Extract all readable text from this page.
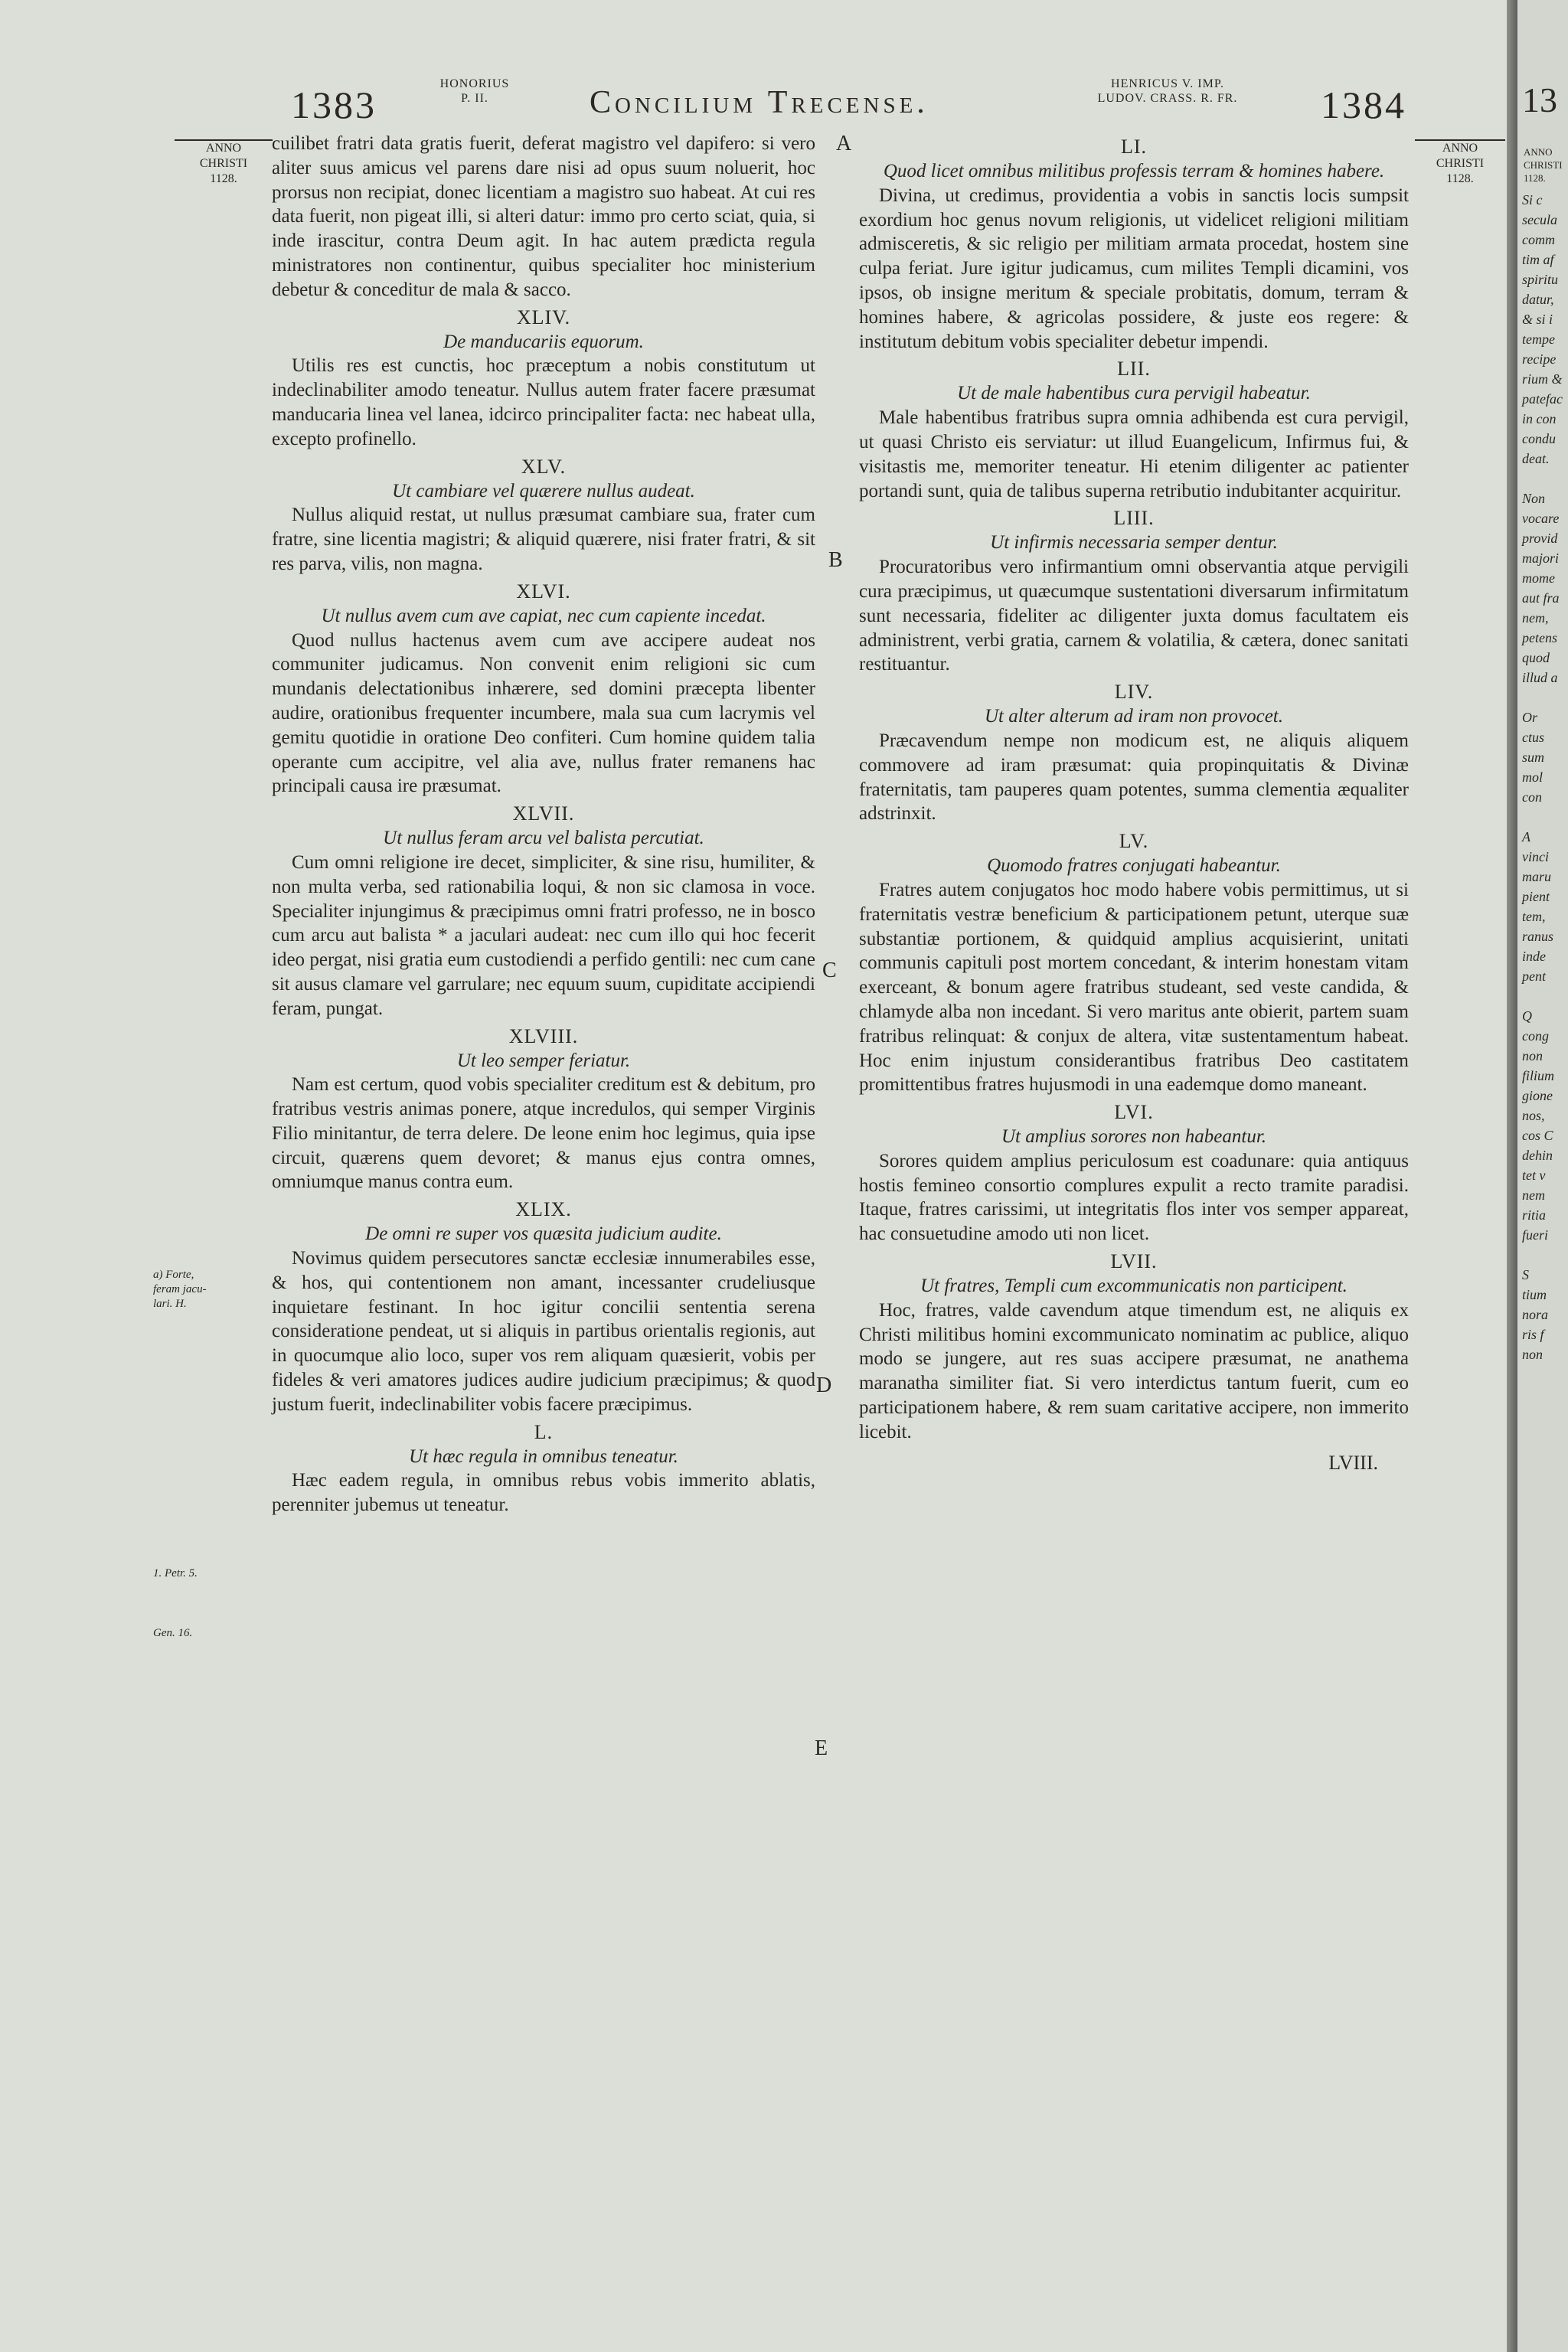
1383	HONORIUS
P. II.	Concilium Trecense.
HENRICUS V. IMP.
LUDOV. CRASS. R. FR.	1384
ANNO
CHRISTI
1128.
ANNO
CHRISTI
1128.
A
B
C
D
E
a) Forte,
feram jacu-
lari. H.
1. Petr. 5.
Gen. 16.

cuilibet fratri data gratis fuerit, deferat magistro vel dapifero: si vero aliter suus amicus vel parens dare nisi ad opus suum noluerit, hoc prorsus non recipiat, donec licentiam a magistro suo habeat. At cui res data fuerit, non pigeat illi, si alteri datur: immo pro certo sciat, quia, si inde irascitur, contra Deum agit. In hac autem prædicta regula ministratores non continentur, quibus specialiter hoc ministerium debetur & conceditur de mala & sacco.

XLIV.
De manducariis equorum.

Utilis res est cunctis, hoc præceptum a nobis constitutum ut indeclinabiliter amodo teneatur. Nullus autem frater facere præsumat manducaria linea vel lanea, idcirco principaliter facta: nec habeat ulla, excepto profinello.

XLV.
Ut cambiare vel quærere nullus audeat.

Nullus aliquid restat, ut nullus præsumat cambiare sua, frater cum fratre, sine licentia magistri; & aliquid quærere, nisi frater fratri, & sit res parva, vilis, non magna.

XLVI.
Ut nullus avem cum ave capiat, nec cum capiente incedat.

Quod nullus hactenus avem cum ave accipere audeat nos communiter judicamus. Non convenit enim religioni sic cum mundanis delectationibus inhærere, sed domini præcepta libenter audire, orationibus frequenter incumbere, mala sua cum lacrymis vel gemitu quotidie in oratione Deo confiteri. Cum homine quidem talia operante cum accipitre, vel alia ave, nullus frater remanens hac principali causa ire præsumat.

XLVII.
Ut nullus feram arcu vel balista percutiat.

Cum omni religione ire decet, simpliciter, & sine risu, humiliter, & non multa verba, sed rationabilia loqui, & non sic clamosa in voce. Specialiter injungimus & præcipimus omni fratri professo, ne in bosco cum arcu aut balista * a jaculari audeat: nec cum illo qui hoc fecerit ideo pergat, nisi gratia eum custodiendi a perfido gentili: nec cum cane sit ausus clamare vel garrulare; nec equum suum, cupiditate accipiendi feram, pungat.

XLVIII.
Ut leo semper feriatur.

Nam est certum, quod vobis specialiter creditum est & debitum, pro fratribus vestris animas ponere, atque incredulos, qui semper Virginis Filio minitantur, de terra delere. De leone enim hoc legimus, quia ipse circuit, quærens quem devoret; & manus ejus contra omnes, omniumque manus contra eum.

XLIX.
De omni re super vos quæsita judicium audite.

Novimus quidem persecutores sanctæ ecclesiæ innumerabiles esse, & hos, qui contentionem non amant, incessanter crudeliusque inquietare festinant. In hoc igitur concilii sententia serena consideratione pendeat, ut si aliquis in partibus orientalis regionis, aut in quocumque alio loco, super vos rem aliquam quæsierit, vobis per fideles & veri amatores judices audire judicium præcipimus; & quod justum fuerit, indeclinabiliter vobis facere præcipimus.

L.
Ut hæc regula in omnibus teneatur.

Hæc eadem regula, in omnibus rebus vobis immerito ablatis, perenniter jubemus ut teneatur.

LI.
Quod licet omnibus militibus professis terram & homines habere.

Divina, ut credimus, providentia a vobis in sanctis locis sumpsit exordium hoc genus novum religionis, ut videlicet religioni militiam admisceretis, & sic religio per militiam armata procedat, hostem sine culpa feriat. Jure igitur judicamus, cum milites Templi dicamini, vos ipsos, ob insigne meritum & speciale probitatis, domum, terram & homines habere, & agricolas possidere, & juste eos regere: & institutum debitum vobis specialiter debetur impendi.

LII.
Ut de male habentibus cura pervigil habeatur.

Male habentibus fratribus supra omnia adhibenda est cura pervigil, ut quasi Christo eis serviatur: ut illud Euangelicum, Infirmus fui, & visitastis me, memoriter teneatur. Hi etenim diligenter ac patienter portandi sunt, quia de talibus superna retributio indubitanter acquiritur.

LIII.
Ut infirmis necessaria semper dentur.

Procuratoribus vero infirmantium omni observantia atque pervigili cura præcipimus, ut quæcumque sustentationi diversarum infirmitatum sunt necessaria, fideliter ac diligenter juxta domus facultatem eis administrent, verbi gratia, carnem & volatilia, & cætera, donec sanitati restituantur.

LIV.
Ut alter alterum ad iram non provocet.

Præcavendum nempe non modicum est, ne aliquis aliquem commovere ad iram præsumat: quia propinquitatis & Divinæ fraternitatis, tam pauperes quam potentes, summa clementia æqualiter adstrinxit.

LV.
Quomodo fratres conjugati habeantur.

Fratres autem conjugatos hoc modo habere vobis permittimus, ut si fraternitatis vestræ beneficium & participationem petunt, uterque suæ substantiæ portionem, & quidquid amplius acquisierint, unitati communis capituli post mortem concedant, & interim honestam vitam exerceant, & bonum agere fratribus studeant, sed veste candida, & chlamyde alba non incedant. Si vero maritus ante obierit, partem suam fratribus relinquat: & conjux de altera, vitæ sustentamentum habeat. Hoc enim injustum considerantibus fratribus Deo castitatem promittentibus fratres hujusmodi in una eademque domo maneant.

LVI.
Ut amplius sorores non habeantur.

Sorores quidem amplius periculosum est coadunare: quia antiquus hostis femineo consortio complures expulit a recto tramite paradisi. Itaque, fratres carissimi, ut integritatis flos inter vos semper appareat, hac consuetudine amodo uti non licet.

LVII.
Ut fratres, Templi cum excommunicatis non participent.

Hoc, fratres, valde cavendum atque timendum est, ne aliquis ex Christi militibus homini excommunicato nominatim ac publice, aliquo modo se jungere, aut res suas accipere præsumat, ne anathema maranatha similiter fiat. Si vero interdictus tantum fuerit, cum eo participationem habere, & rem suam caritative accipere, non immerito licebit.

LVIII.
13
ANNO
CHRISTI
1128.
Si c
secula
comm
tim af
spiritu
datur,
& si i
tempe
recipe
rium &
patefac
in con
condu
deat.

Non
vocare
provid
majori
mome
aut fra
nem,
petens
quod
illud a

Or
ctus
sum
mol
con

A
vinci
maru
pient
tem,
ranus
inde
pent

Q
cong
non
filium
gione
nos,
cos C
dehin
tet v
nem
ritia
fueri

S
tium
nora
ris f
non
